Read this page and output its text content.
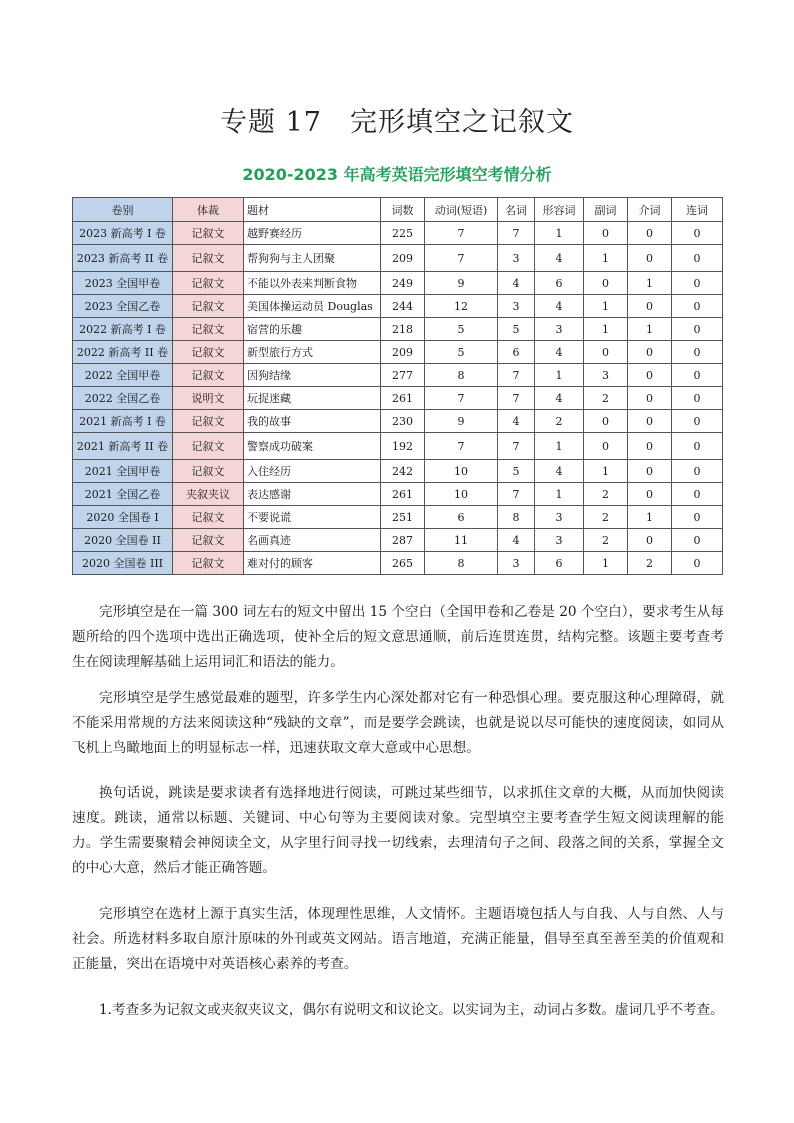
专题 17　完形填空之记叙文
2020-2023 年高考英语完形填空考情分析
卷别	体裁	题材	词数	动词(短语)	名词	形容词	副词	介词	连词
2023 新高考 I 卷	记叙文	越野赛经历	225	7	7	1	0	0	0
2023 新高考 II 卷	记叙文	帮狗狗与主人团聚	209	7	3	4	1	0	0
2023 全国甲卷	记叙文	不能以外表来判断食物	249	9	4	6	0	1	0
2023 全国乙卷	记叙文	美国体操运动员 Douglas	244	12	3	4	1	0	0
2022 新高考 I 卷	记叙文	宿营的乐趣	218	5	5	3	1	1	0
2022 新高考 II 卷	记叙文	新型旅行方式	209	5	6	4	0	0	0
2022 全国甲卷	记叙文	因狗结缘	277	8	7	1	3	0	0
2022 全国乙卷	说明文	玩捉迷藏	261	7	7	4	2	0	0
2021 新高考 I 卷	记叙文	我的故事	230	9	4	2	0	0	0
2021 新高考 II 卷	记叙文	警察成功破案	192	7	7	1	0	0	0
2021 全国甲卷	记叙文	入住经历	242	10	5	4	1	0	0
2021 全国乙卷	夹叙夹议	表达感谢	261	10	7	1	2	0	0
2020 全国卷 I	记叙文	不要说谎	251	6	8	3	2	1	0
2020 全国卷 II	记叙文	名画真迹	287	11	4	3	2	0	0
2020 全国卷 III	记叙文	难对付的顾客	265	8	3	6	1	2	0

完形填空是在一篇 300 词左右的短文中留出 15 个空白（全国甲卷和乙卷是 20 个空白），要求考生从每题所给的四个选项中选出正确选项，使补全后的短文意思通顺，前后连贯连贯，结构完整。该题主要考查考生在阅读理解基础上运用词汇和语法的能力。

完形填空是学生感觉最难的题型，许多学生内心深处都对它有一种恐惧心理。要克服这种心理障碍，就不能采用常规的方法来阅读这种“残缺的文章”，而是要学会跳读，也就是说以尽可能快的速度阅读，如同从飞机上鸟瞰地面上的明显标志一样，迅速获取文章大意或中心思想。

换句话说，跳读是要求读者有选择地进行阅读，可跳过某些细节，以求抓住文章的大概，从而加快阅读速度。跳读，通常以标题、关键词、中心句等为主要阅读对象。完型填空主要考查学生短文阅读理解的能力。学生需要聚精会神阅读全文，从字里行间寻找一切线索，去理清句子之间、段落之间的关系，掌握全文的中心大意，然后才能正确答题。

完形填空在选材上源于真实生活，体现理性思维，人文情怀。主题语境包括人与自我、人与自然、人与社会。所选材料多取自原汁原味的外刊或英文网站。语言地道，充满正能量，倡导至真至善至美的价值观和正能量，突出在语境中对英语核心素养的考查。

1.考查多为记叙文或夹叙夹议文，偶尔有说明文和议论文。以实词为主，动词占多数。虚词几乎不考查。
